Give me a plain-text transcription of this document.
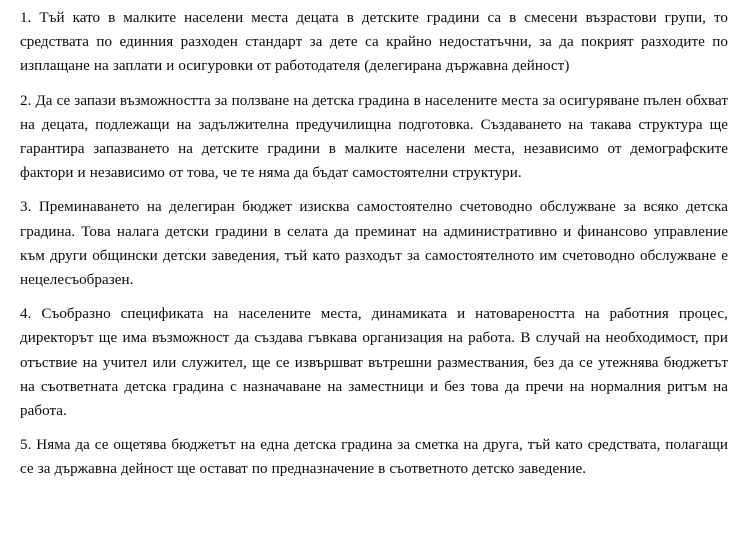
1. Тъй като в малките населени места децата в детските градини са в смесени възрастови групи, то средствата по единния разходен стандарт за дете са крайно недостатъчни, за да покрият разходите по изплащане на заплати и осигуровки от работодателя (делегирана държавна дейност)

2. Да се запази възможността за ползване на детска градина в населените места за осигуряване пълен обхват на децата, подлежащи на задължителна предучилищна подготовка. Създаването на такава структура ще гарантира запазването на детските градини в малките населени места, независимо от демографските фактори и независимо от това, че те няма да бъдат самостоятелни структури.

3. Преминаването на делегиран бюджет изисква самостоятелно счетоводно обслужване за всяко детска градина. Това налага детски градини в селата да преминат на административно и финансово управление към други общински детски заведения, тъй като разходът за самостоятелното им счетоводно обслужване е нецелесъобразен.

4. Съобразно спецификата на населените места, динамиката и натовареността на работния процес, директорът ще има възможност да създава гъвкава организация на работа. В случай на необходимост, при отъствие на учител или служител, ще се извършват вътрешни размествания, без да се утежнява бюджетът на съответната детска градина с назначаване на заместници и без това да пречи на нормалния ритъм на работа.

5. Няма да се ощетява бюджетът на една детска градина за сметка на друга, тъй като средствата, полагащи се за държавна дейност ще остават по предназначение в съответното детско заведение.
